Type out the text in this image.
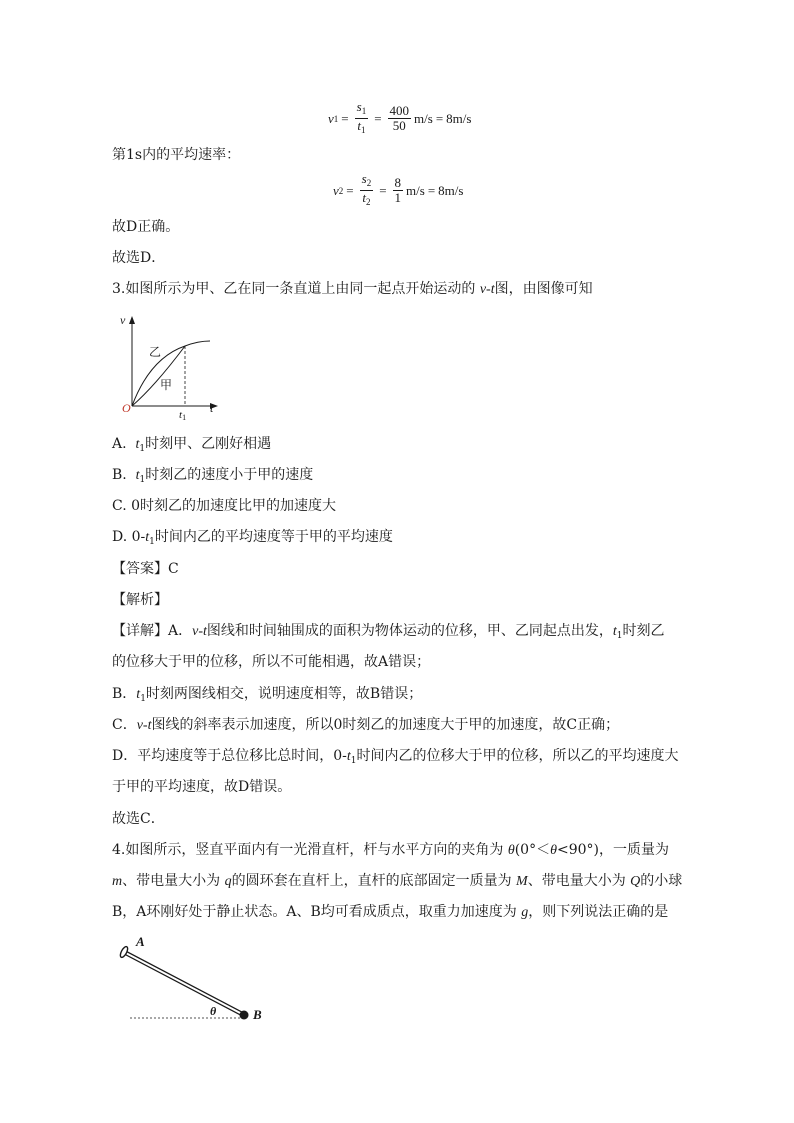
v $1 = \frac{s_1}{t_1} = \frac{400}{50} m/s = 8m/s$
第1s内的平均速率：
v $2 = \frac{s_2}{t_2} = \frac{8}{1} m/s = 8m/s$
故D正确。
故选D．
3.如图所示为甲、乙在同一条直道上由同一起点开始运动的 v-t图，由图像可知
v
t
O
乙
甲
t1
A. $t_1$时刻甲、乙刚好相遇
B. $t_1$时刻乙的速度小于甲的速度
C. 0时刻乙的加速度比甲的加速度大
D. $0-t_1$时间内乙的平均速度等于甲的平均速度
【答案】C
【解析】
【详解】A．v-t图线和时间轴围成的面积为物体运动的位移，甲、乙同起点出发，$t_1$时刻乙
的位移大于甲的位移，所以不可能相遇，故A错误；
B．$t_1$时刻两图线相交，说明速度相等，故B错误；
C．v-t图线的斜率表示加速度，所以0时刻乙的加速度大于甲的加速度，故C正确；
D．平均速度等于总位移比总时间，$0-t_1$时间内乙的位移大于甲的位移，所以乙的平均速度大
于甲的平均速度，故D错误。
故选C．
4.如图所示，竖直平面内有一光滑直杆，杆与水平方向的夹角为 θ(0°＜θ<90°)，一质量为
m、带电量大小为 q的圆环套在直杆上，直杆的底部固定一质量为 M、带电量大小为 Q的小球
B，A环刚好处于静止状态。A、B均可看成质点，取重力加速度为 g，则下列说法正确的是
A
B
θ
